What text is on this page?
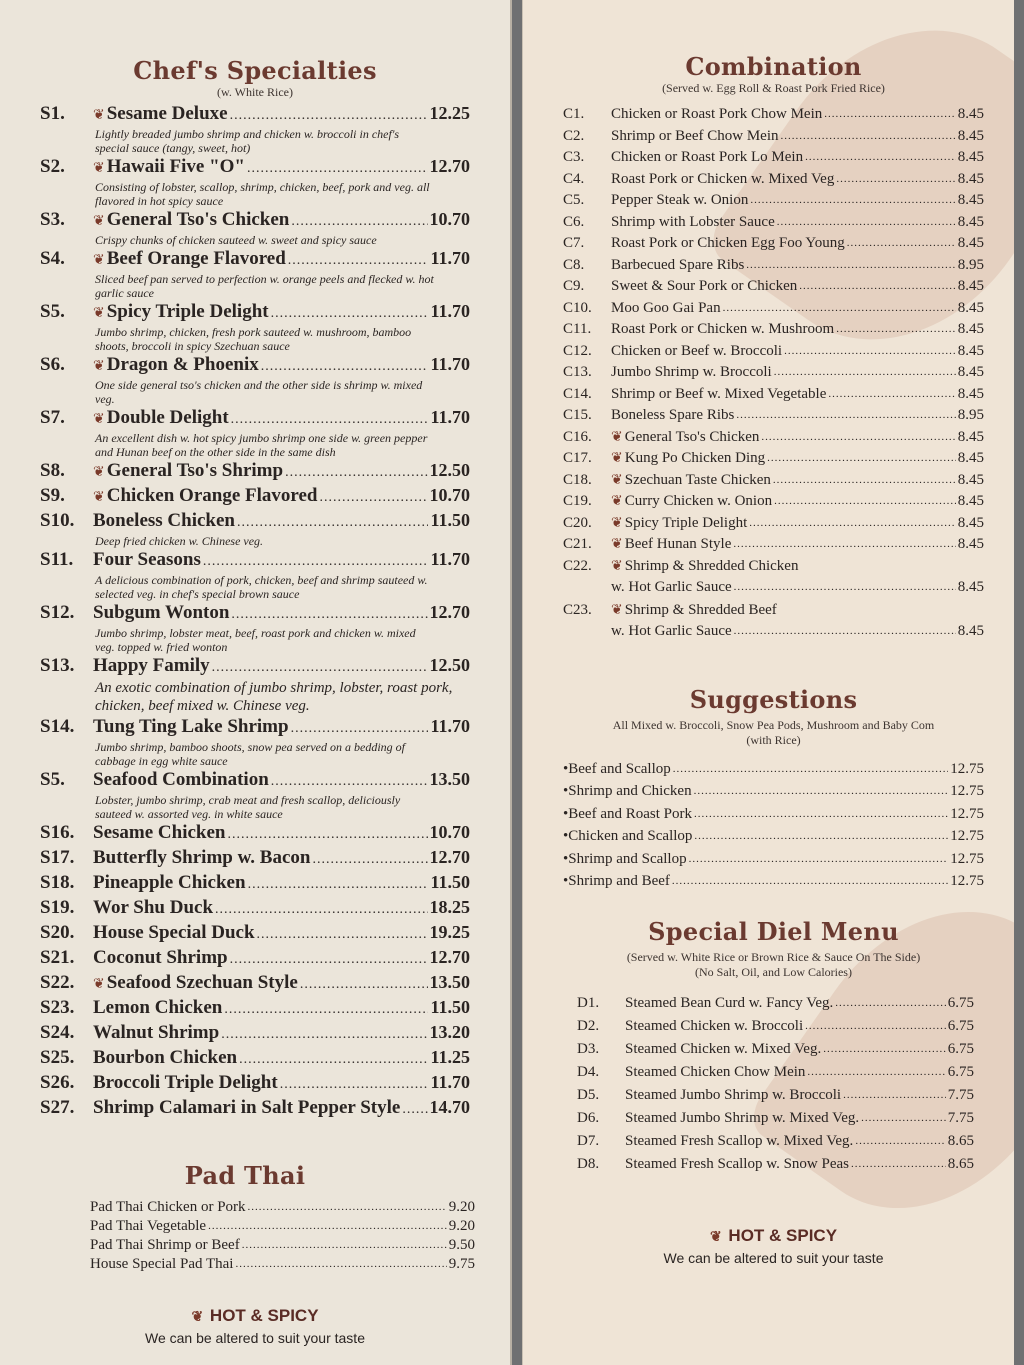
Chef's Specialties
(w. White Rice)
S1.	❦ Sesame Deluxe .....	12.25
Lightly breaded jumbo shrimp and chicken w. broccoli in chef's special sauce (tangy, sweet, hot)
S2.	❦ Hawaii Five "O" .....	12.70
Consisting of lobster, scallop, shrimp, chicken, beef, pork and veg. all flavored in hot spicy sauce
S3.	❦ General Tso's Chicken .....	10.70
Crispy chunks of chicken sauteed w. sweet and spicy sauce
S4.	❦ Beef Orange Flavored .....	11.70
Sliced beef pan served to perfection w. orange peels and flecked w. hot garlic sauce
S5.	❦ Spicy Triple Delight .....	11.70
Jumbo shrimp, chicken, fresh pork sauteed w. mushroom, bamboo shoots, broccoli in spicy Szechuan sauce
S6.	❦ Dragon & Phoenix .....	11.70
One side general tso's chicken and the other side is shrimp w. mixed veg.
S7.	❦ Double Delight .....	11.70
An excellent dish w. hot spicy jumbo shrimp one side w. green pepper and Hunan beef on the other side in the same dish
S8.	❦ General Tso's Shrimp .....	12.50
S9.	❦ Chicken Orange Flavored .....	10.70
S10. Boneless Chicken .....	11.50
Deep fried chicken w. Chinese veg.
S11.	Four Seasons .....	11.70
A delicious combination of pork, chicken, beef and shrimp sauteed w. selected veg. in chef's special brown sauce
S12. Subgum Wonton .....	12.70
Jumbo shrimp, lobster meat, beef, roast pork and chicken w. mixed veg. topped w. fried wonton
S13. Happy Family .....	12.50
An exotic combination of jumbo shrimp, lobster, roast pork, chicken, beef mixed w. Chinese veg.
S14. Tung Ting Lake Shrimp .....	11.70
Jumbo shrimp, bamboo shoots, snow pea served on a bedding of cabbage in egg white sauce
S5.	Seafood Combination .....	13.50
Lobster, jumbo shrimp, crab meat and fresh scallop, deliciously sauteed w. assorted veg. in white sauce
S16. Sesame Chicken .....	10.70
S17. Butterfly Shrimp w. Bacon .....	12.70
S18. Pineapple Chicken .....	11.50
S19. Wor Shu Duck .....	18.25
S20. House Special Duck .....	19.25
S21. Coconut Shrimp .....	12.70
S22.	❦ Seafood Szechuan Style .....	13.50
S23. Lemon Chicken .....	11.50
S24. Walnut Shrimp .....	13.20
S25. Bourbon Chicken .....	11.25
S26. Broccoli Triple Delight .....	11.70
S27. Shrimp Calamari in Salt Pepper Style ..... 14.70
Pad Thai
Pad Thai Chicken or Pork .....	9.20
Pad Thai Vegetable .....	9.20
Pad Thai Shrimp or Beef .....	9.50
House Special Pad Thai .....	9.75
❦ HOT & SPICY
We can be altered to suit your taste
Combination
(Served w. Egg Roll & Roast Pork Fried Rice)
C1.	Chicken or Roast Pork Chow Mein .....	8.45
C2.	Shrimp or Beef Chow Mein .....	8.45
C3.	Chicken or Roast Pork Lo Mein .....	8.45
C4.	Roast Pork or Chicken w. Mixed Veg .....	8.45
C5.	Pepper Steak w. Onion .....	8.45
C6.	Shrimp with Lobster Sauce .....	8.45
C7.	Roast Pork or Chicken Egg Foo Young .....	8.45
C8.	Barbecued Spare Ribs .....	8.95
C9.	Sweet & Sour Pork or Chicken .....	8.45
C10.	Moo Goo Gai Pan .....	8.45
C11.	Roast Pork or Chicken w. Mushroom .....	8.45
C12.	Chicken or Beef w. Broccoli .....	8.45
C13.	Jumbo Shrimp w. Broccoli .....	8.45
C14.	Shrimp or Beef w. Mixed Vegetable .....	8.45
C15.	Boneless Spare Ribs .....	8.95
C16.	❦ General Tso's Chicken .....	8.45
C17.	❦ Kung Po Chicken Ding .....	8.45
C18.	❦ Szechuan Taste Chicken .....	8.45
C19.	❦ Curry Chicken w. Onion .....	8.45
C20.	❦ Spicy Triple Delight .....	8.45
C21.	❦ Beef Hunan Style .....	8.45
C22.	❦ Shrimp & Shredded Chicken
w. Hot Garlic Sauce .....	8.45
C23.	❦ Shrimp & Shredded Beef
w. Hot Garlic Sauce .....	8.45
Suggestions
All Mixed w. Broccoli, Snow Pea Pods, Mushroom and Baby Com
(with Rice)
• Beef and Scallop .....	12.75
• Shrimp and Chicken .....	12.75
• Beef and Roast Pork .....	12.75
• Chicken and Scallop .....	12.75
• Shrimp and Scallop .....	12.75
• Shrimp and Beef .....	12.75
Special Diel Menu
(Served w. White Rice or Brown Rice & Sauce On The Side)
(No Salt, Oil, and Low Calories)
D1.	Steamed Bean Curd w. Fancy Veg. .....	6.75
D2.	Steamed Chicken w. Broccoli .....	6.75
D3.	Steamed Chicken w. Mixed Veg. .....	6.75
D4.	Steamed Chicken Chow Mein .....	6.75
D5.	Steamed Jumbo Shrimp w. Broccoli .....	7.75
D6.	Steamed Jumbo Shrimp w. Mixed Veg. .....	7.75
D7.	Steamed Fresh Scallop w. Mixed Veg. .....	8.65
D8.	Steamed Fresh Scallop w. Snow Peas .....	8.65
❦ HOT & SPICY
We can be altered to suit your taste
